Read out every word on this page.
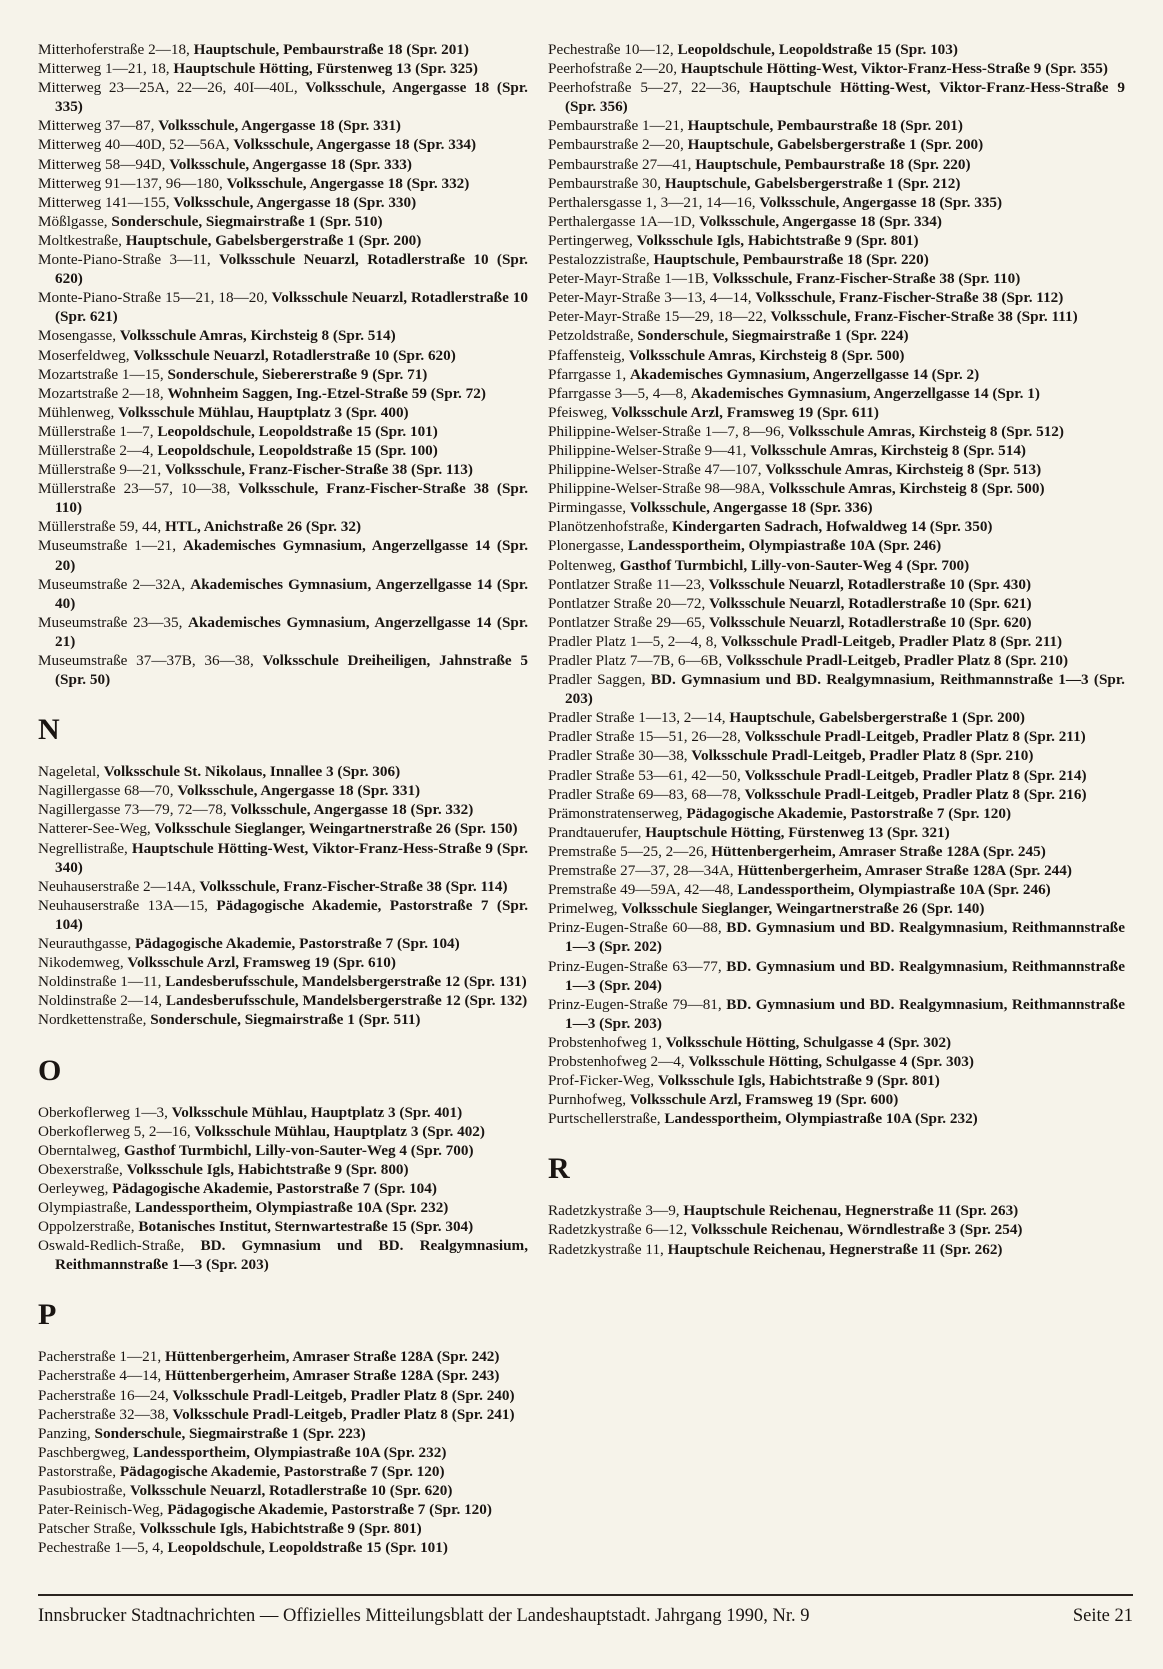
Mitterhoferstraße 2—18, Hauptschule, Pembaurstraße 18 (Spr. 201)
Mitterweg 1—21, 18, Hauptschule Hötting, Fürstenweg 13 (Spr. 325)
Mitterweg 23—25A, 22—26, 40I—40L, Volksschule, Angergasse 18 (Spr. 335)
Mitterweg 37—87, Volksschule, Angergasse 18 (Spr. 331)
Mitterweg 40—40D, 52—56A, Volksschule, Angergasse 18 (Spr. 334)
Mitterweg 58—94D, Volksschule, Angergasse 18 (Spr. 333)
Mitterweg 91—137, 96—180, Volksschule, Angergasse 18 (Spr. 332)
Mitterweg 141—155, Volksschule, Angergasse 18 (Spr. 330)
Mößlgasse, Sonderschule, Siegmairstraße 1 (Spr. 510)
Moltkestraße, Hauptschule, Gabelsbergerstraße 1 (Spr. 200)
Monte-Piano-Straße 3—11, Volksschule Neuarzl, Rotadlerstraße 10 (Spr. 620)
Monte-Piano-Straße 15—21, 18—20, Volksschule Neuarzl, Rotadlerstraße 10 (Spr. 621)
Mosengasse, Volksschule Amras, Kirchsteig 8 (Spr. 514)
Moserfeldweg, Volksschule Neuarzl, Rotadlerstraße 10 (Spr. 620)
Mozartstraße 1—15, Sonderschule, Siebererstraße 9 (Spr. 71)
Mozartstraße 2—18, Wohnheim Saggen, Ing.-Etzel-Straße 59 (Spr. 72)
Mühlenweg, Volksschule Mühlau, Hauptplatz 3 (Spr. 400)
Müllerstraße 1—7, Leopoldschule, Leopoldstraße 15 (Spr. 101)
Müllerstraße 2—4, Leopoldschule, Leopoldstraße 15 (Spr. 100)
Müllerstraße 9—21, Volksschule, Franz-Fischer-Straße 38 (Spr. 113)
Müllerstraße 23—57, 10—38, Volksschule, Franz-Fischer-Straße 38 (Spr. 110)
Müllerstraße 59, 44, HTL, Anichstraße 26 (Spr. 32)
Museumstraße 1—21, Akademisches Gymnasium, Angerzellgasse 14 (Spr. 20)
Museumstraße 2—32A, Akademisches Gymnasium, Angerzellgasse 14 (Spr. 40)
Museumstraße 23—35, Akademisches Gymnasium, Angerzellgasse 14 (Spr. 21)
Museumstraße 37—37B, 36—38, Volksschule Dreiheiligen, Jahnstraße 5 (Spr. 50)
N
Nageletal, Volksschule St. Nikolaus, Innallee 3 (Spr. 306)
Nagillergasse 68—70, Volksschule, Angergasse 18 (Spr. 331)
Nagillergasse 73—79, 72—78, Volksschule, Angergasse 18 (Spr. 332)
Natterer-See-Weg, Volksschule Sieglanger, Weingartnerstraße 26 (Spr. 150)
Negrellistraße, Hauptschule Hötting-West, Viktor-Franz-Hess-Straße 9 (Spr. 340)
Neuhauserstraße 2—14A, Volksschule, Franz-Fischer-Straße 38 (Spr. 114)
Neuhauserstraße 13A—15, Pädagogische Akademie, Pastorstraße 7 (Spr. 104)
Neurauthgasse, Pädagogische Akademie, Pastorstraße 7 (Spr. 104)
Nikodemweg, Volksschule Arzl, Framsweg 19 (Spr. 610)
Noldinstraße 1—11, Landesberufsschule, Mandelsbergerstraße 12 (Spr. 131)
Noldinstraße 2—14, Landesberufsschule, Mandelsbergerstraße 12 (Spr. 132)
Nordkettenstraße, Sonderschule, Siegmairstraße 1 (Spr. 511)
O
Oberkoflerweg 1—3, Volksschule Mühlau, Hauptplatz 3 (Spr. 401)
Oberkoflerweg 5, 2—16, Volksschule Mühlau, Hauptplatz 3 (Spr. 402)
Oberntalweg, Gasthof Turmbichl, Lilly-von-Sauter-Weg 4 (Spr. 700)
Obexerstraße, Volksschule Igls, Habichtstraße 9 (Spr. 800)
Oerleyweg, Pädagogische Akademie, Pastorstraße 7 (Spr. 104)
Olympiastraße, Landessportheim, Olympiastraße 10A (Spr. 232)
Oppolzerstraße, Botanisches Institut, Sternwartestraße 15 (Spr. 304)
Oswald-Redlich-Straße, BD. Gymnasium und BD. Realgymnasium, Reithmannstraße 1—3 (Spr. 203)
P
Pacherstraße 1—21, Hüttenbergerheim, Amraser Straße 128A (Spr. 242)
Pacherstraße 4—14, Hüttenbergerheim, Amraser Straße 128A (Spr. 243)
Pacherstraße 16—24, Volksschule Pradl-Leitgeb, Pradler Platz 8 (Spr. 240)
Pacherstraße 32—38, Volksschule Pradl-Leitgeb, Pradler Platz 8 (Spr. 241)
Panzing, Sonderschule, Siegmairstraße 1 (Spr. 223)
Paschbergweg, Landessportheim, Olympiastraße 10A (Spr. 232)
Pastorstraße, Pädagogische Akademie, Pastorstraße 7 (Spr. 120)
Pasubiostraße, Volksschule Neuarzl, Rotadlerstraße 10 (Spr. 620)
Pater-Reinisch-Weg, Pädagogische Akademie, Pastorstraße 7 (Spr. 120)
Patscher Straße, Volksschule Igls, Habichtstraße 9 (Spr. 801)
Pechestraße 1—5, 4, Leopoldschule, Leopoldstraße 15 (Spr. 101)
Pechestraße 10—12, Leopoldschule, Leopoldstraße 15 (Spr. 103)
Peerhofstraße 2—20, Hauptschule Hötting-West, Viktor-Franz-Hess-Straße 9 (Spr. 355)
Peerhofstraße 5—27, 22—36, Hauptschule Hötting-West, Viktor-Franz-Hess-Straße 9 (Spr. 356)
Pembaurstraße 1—21, Hauptschule, Pembaurstraße 18 (Spr. 201)
Pembaurstraße 2—20, Hauptschule, Gabelsbergerstraße 1 (Spr. 200)
Pembaurstraße 27—41, Hauptschule, Pembaurstraße 18 (Spr. 220)
Pembaurstraße 30, Hauptschule, Gabelsbergerstraße 1 (Spr. 212)
Perthalersgasse 1, 3—21, 14—16, Volksschule, Angergasse 18 (Spr. 335)
Perthalergasse 1A—1D, Volksschule, Angergasse 18 (Spr. 334)
Pertingerweg, Volksschule Igls, Habichtstraße 9 (Spr. 801)
Pestalozzistraße, Hauptschule, Pembaurstraße 18 (Spr. 220)
Peter-Mayr-Straße 1—1B, Volksschule, Franz-Fischer-Straße 38 (Spr. 110)
Peter-Mayr-Straße 3—13, 4—14, Volksschule, Franz-Fischer-Straße 38 (Spr. 112)
Peter-Mayr-Straße 15—29, 18—22, Volksschule, Franz-Fischer-Straße 38 (Spr. 111)
Petzoldstraße, Sonderschule, Siegmairstraße 1 (Spr. 224)
Pfaffensteig, Volksschule Amras, Kirchsteig 8 (Spr. 500)
Pfarrgasse 1, Akademisches Gymnasium, Angerzellgasse 14 (Spr. 2)
Pfarrgasse 3—5, 4—8, Akademisches Gymnasium, Angerzellgasse 14 (Spr. 1)
Pfeisweg, Volksschule Arzl, Framsweg 19 (Spr. 611)
Philippine-Welser-Straße 1—7, 8—96, Volksschule Amras, Kirchsteig 8 (Spr. 512)
Philippine-Welser-Straße 9—41, Volksschule Amras, Kirchsteig 8 (Spr. 514)
Philippine-Welser-Straße 47—107, Volksschule Amras, Kirchsteig 8 (Spr. 513)
Philippine-Welser-Straße 98—98A, Volksschule Amras, Kirchsteig 8 (Spr. 500)
Pirmingasse, Volksschule, Angergasse 18 (Spr. 336)
Planötzenhofstraße, Kindergarten Sadrach, Hofwaldweg 14 (Spr. 350)
Plonergasse, Landessportheim, Olympiastraße 10A (Spr. 246)
Poltenweg, Gasthof Turmbichl, Lilly-von-Sauter-Weg 4 (Spr. 700)
Pontlatzer Straße 11—23, Volksschule Neuarzl, Rotadlerstraße 10 (Spr. 430)
Pontlatzer Straße 20—72, Volksschule Neuarzl, Rotadlerstraße 10 (Spr. 621)
Pontlatzer Straße 29—65, Volksschule Neuarzl, Rotadlerstraße 10 (Spr. 620)
Pradler Platz 1—5, 2—4, 8, Volksschule Pradl-Leitgeb, Pradler Platz 8 (Spr. 211)
Pradler Platz 7—7B, 6—6B, Volksschule Pradl-Leitgeb, Pradler Platz 8 (Spr. 210)
Pradler Saggen, BD. Gymnasium und BD. Realgymnasium, Reithmannstraße 1—3 (Spr. 203)
Pradler Straße 1—13, 2—14, Hauptschule, Gabelsbergerstraße 1 (Spr. 200)
Pradler Straße 15—51, 26—28, Volksschule Pradl-Leitgeb, Pradler Platz 8 (Spr. 211)
Pradler Straße 30—38, Volksschule Pradl-Leitgeb, Pradler Platz 8 (Spr. 210)
Pradler Straße 53—61, 42—50, Volksschule Pradl-Leitgeb, Pradler Platz 8 (Spr. 214)
Pradler Straße 69—83, 68—78, Volksschule Pradl-Leitgeb, Pradler Platz 8 (Spr. 216)
Prämonstratenserweg, Pädagogische Akademie, Pastorstraße 7 (Spr. 120)
Prandtauerufer, Hauptschule Hötting, Fürstenweg 13 (Spr. 321)
Premstraße 5—25, 2—26, Hüttenbergerheim, Amraser Straße 128A (Spr. 245)
Premstraße 27—37, 28—34A, Hüttenbergerheim, Amraser Straße 128A (Spr. 244)
Premstraße 49—59A, 42—48, Landessportheim, Olympiastraße 10A (Spr. 246)
Primelweg, Volksschule Sieglanger, Weingartnerstraße 26 (Spr. 140)
Prinz-Eugen-Straße 60—88, BD. Gymnasium und BD. Realgymnasium, Reithmannstraße 1—3 (Spr. 202)
Prinz-Eugen-Straße 63—77, BD. Gymnasium und BD. Realgymnasium, Reithmannstraße 1—3 (Spr. 204)
Prinz-Eugen-Straße 79—81, BD. Gymnasium und BD. Realgymnasium, Reithmannstraße 1—3 (Spr. 203)
Probstenhofweg 1, Volksschule Hötting, Schulgasse 4 (Spr. 302)
Probstenhofweg 2—4, Volksschule Hötting, Schulgasse 4 (Spr. 303)
Prof-Ficker-Weg, Volksschule Igls, Habichtstraße 9 (Spr. 801)
Purnhofweg, Volksschule Arzl, Framsweg 19 (Spr. 600)
Purtschellerstraße, Landessportheim, Olympiastraße 10A (Spr. 232)
R
Radetzkystraße 3—9, Hauptschule Reichenau, Hegnerstraße 11 (Spr. 263)
Radetzkystraße 6—12, Volksschule Reichenau, Wörndlestraße 3 (Spr. 254)
Radetzkystraße 11, Hauptschule Reichenau, Hegnerstraße 11 (Spr. 262)
Innsbrucker Stadtnachrichten — Offizielles Mitteilungsblatt der Landeshauptstadt. Jahrgang 1990, Nr. 9	Seite 21
